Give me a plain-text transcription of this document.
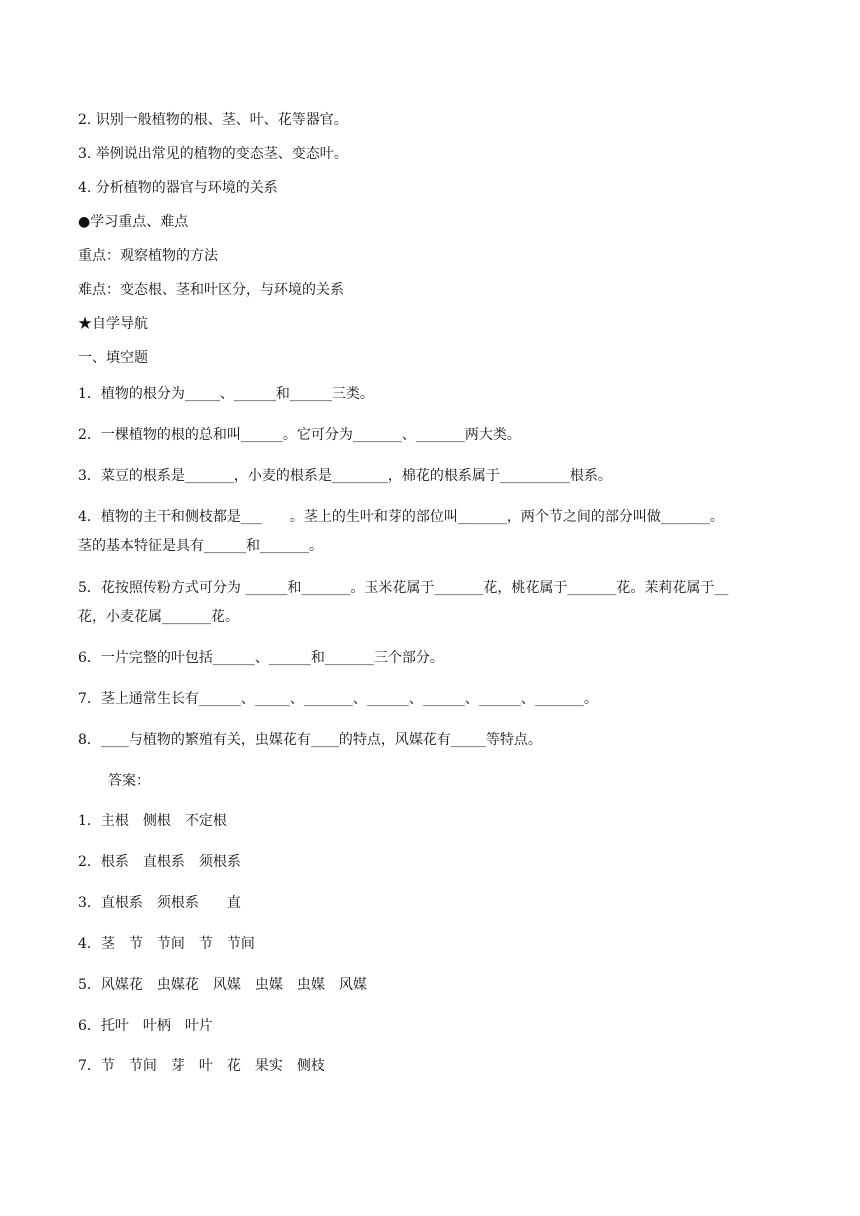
2. 识别一般植物的根、茎、叶、花等器官。
3. 举例说出常见的植物的变态茎、变态叶。
4. 分析植物的器官与环境的关系
●学习重点、难点
重点：观察植物的方法
难点：变态根、茎和叶区分，与环境的关系
★自学导航
一、填空题
1．植物的根分为_____、______和______三类。
2．一棵植物的根的总和叫______。它可分为_______、_______两大类。
3．菜豆的根系是_______，小麦的根系是________，棉花的根系属于__________根系。
4．植物的主干和侧枝都是___　　。茎上的生叶和芽的部位叫_______，两个节之间的部分叫做_______。
茎的基本特征是具有______和_______。
5．花按照传粉方式可分为 ______和_______。玉米花属于_______花，桃花属于_______花。茉莉花属于__
花，小麦花属_______花。
6．一片完整的叶包括______、______和_______三个部分。
7．茎上通常生长有______、_____、_______、______、______、______、_______。
8．____与植物的繁殖有关，虫媒花有____的特点，风媒花有_____等特点。
答案：
1．主根　侧根　不定根
2．根系　直根系　须根系
3．直根系　须根系　　直
4．茎　节　节间　节　节间
5．风媒花　虫媒花　风媒　虫媒　虫媒　风媒
6．托叶　叶柄　叶片
7．节　节间　芽　叶　花　果实　侧枝
